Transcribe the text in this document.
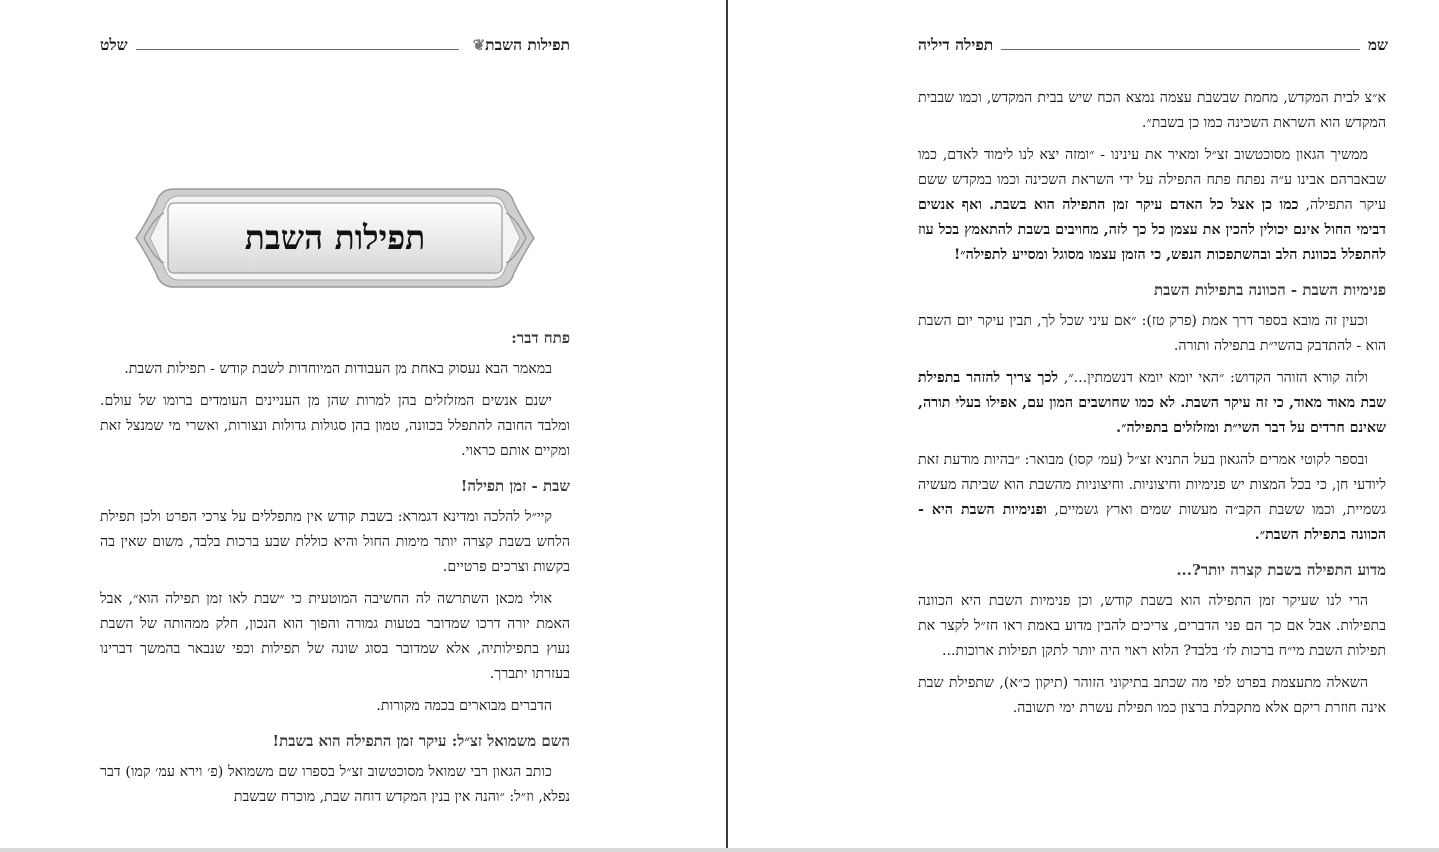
תפילות השבת
❦
שלט
תפילות השבת
פתח דבר:

במאמר הבא נעסוק באחת מן העבודות המיוחדות לשבת קודש - תפילות השבת.

ישנם אנשים המזלזלים בהן למרות שהן מן העניינים העומדים ברומו של עולם. ומלבד החובה להתפלל בכוונה, טמון בהן סגולות גדולות ונצורות, ואשרי מי שמנצל זאת ומקיים אותם כראוי.

שבת - זמן תפילה!

קיי״ל להלכה ומדינא דגמרא: בשבת קודש אין מתפללים על צרכי הפרט ולכן תפילת הלחש בשבת קצרה יותר מימות החול והיא כוללת שבע ברכות בלבד, משום שאין בה בקשות וצרכים פרטיים.

אולי מכאן השתרשה לה החשיבה המוטעית כי ״שבת לאו זמן תפילה הוא״, אבל האמת יורה דרכו שמדובר בטעות גמורה והפוך הוא הנכון, חלק ממהותה של השבת נעוץ בתפילותיה, אלא שמדובר בסוג שונה של תפילות וכפי שנבאר בהמשך דברינו בעזרתו יתברך.

הדברים מבוארים בכמה מקורות.

השם משמואל זצ״ל: עיקר זמן התפילה הוא בשבת!

כותב הגאון רבי שמואל מסוכטשוב זצ״ל בספרו שם משמואל (פ׳ וירא עמ׳ קמו) דבר נפלא, וז״ל: ״והנה אין בנין המקדש דוחה שבת, מוכרח שבשבת

שמ
תפילה דיליה

א״צ לבית המקדש, מחמת שבשבת עצמה נמצא הכח שיש בבית המקדש, וכמו שבבית המקדש הוא השראת השכינה כמו כן בשבת״.

ממשיך הגאון מסוכטשוב זצ״ל ומאיר את עינינו - ״ומזה יצא לנו לימוד לאדם, כמו שבאברהם אבינו ע״ה נפתח פתח התפילה על ידי השראת השכינה וכמו במקדש ששם עיקר התפילה, כמו כן אצל כל האדם עיקר זמן התפילה הוא בשבת. ואף אנשים דבימי החול אינם יכולין להכין את עצמן כל כך לזה, מחויבים בשבת להתאמץ בכל עוז להתפלל בכוונת הלב ובהשתפכות הנפש, כי הזמן עצמו מסוגל ומסייע לתפילה״!

פנימיות השבת - הכוונה בתפילות השבת

וכעין זה מובא בספר דרך אמת (פרק טז): ״אם עיני שכל לך, תבין עיקר יום השבת הוא - להתדבק בהשי״ת בתפילה ותורה.

ולזה קורא הזוהר הקדוש: ״האי יומא יומא דנשמתין...״, לכך צריך להזהר בתפילת שבת מאוד מאוד, כי זה עיקר השבת. לא כמו שחושבים המון עם, אפילו בעלי תורה, שאינם חרדים על דבר השי״ת ומזלזלים בתפילה״.

ובספר לקוטי אמרים להגאון בעל התניא זצ״ל (עמ׳ קסו) מבואר: ״בהיות מודעת זאת ליודעי חן, כי בכל המצות יש פנימיות וחיצוניות. וחיצוניות מהשבת הוא שביתה מעשיה גשמיית, וכמו ששבת הקב״ה מעשות שמים וארץ גשמיים, ופנימיות השבת היא - הכוונה בתפילת השבת״.

מדוע התפילה בשבת קצרה יותר?...

הרי לנו שעיקר זמן התפילה הוא בשבת קודש, וכן פנימיות השבת היא הכוונה בתפילות. אבל אם כך הם פני הדברים, צריכים להבין מדוע באמת ראו חז״ל לקצר את תפילות השבת מי״ח ברכות לז׳ בלבד? הלוא ראוי היה יותר לתקן תפילות ארוכות...

השאלה מתעצמת בפרט לפי מה שכתב בתיקוני הזוהר (תיקון כ״א), שתפילת שבת אינה חוזרת ריקם אלא מתקבלת ברצון כמו תפילת עשרת ימי תשובה.
